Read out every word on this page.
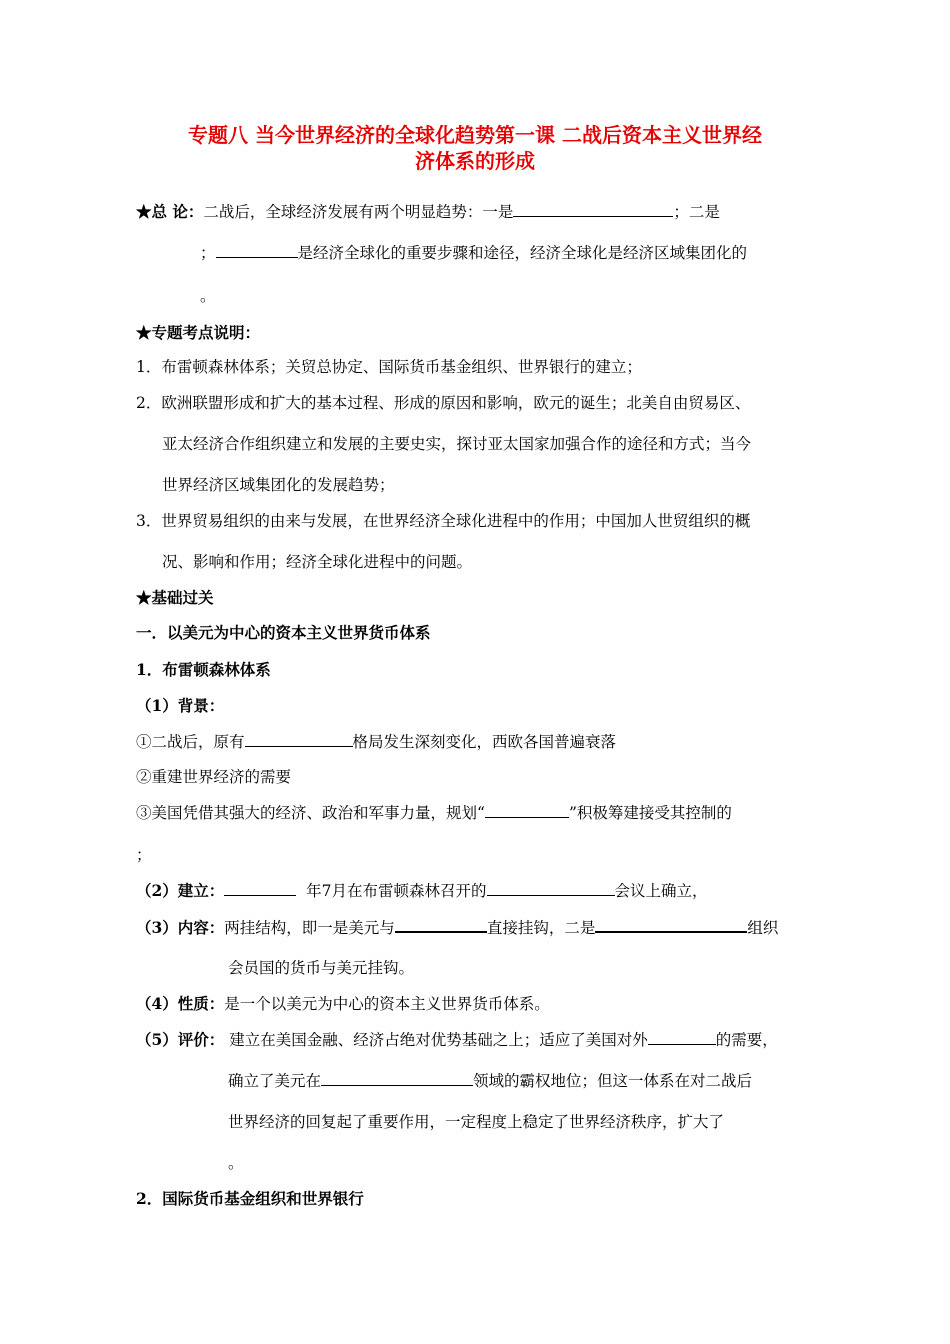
专题八 当今世界经济的全球化趋势第一课 二战后资本主义世界经
济体系的形成
★总 论：二战后，全球经济发展有两个明显趋势：一是	；二是
；	是经济全球化的重要步骤和途径，经济全球化是经济区域集团化的
。
★专题考点说明：
1．布雷顿森林体系；关贸总协定、国际货币基金组织、世界银行的建立；
2．欧洲联盟形成和扩大的基本过程、形成的原因和影响，欧元的诞生；北美自由贸易区、
亚太经济合作组织建立和发展的主要史实，探讨亚太国家加强合作的途径和方式；当今
世界经济区域集团化的发展趋势；
3．世界贸易组织的由来与发展，在世界经济全球化进程中的作用；中国加人世贸组织的概
况、影响和作用；经济全球化进程中的问题。
★基础过关
一．以美元为中心的资本主义世界货币体系
1．布雷顿森林体系
（1）背景：
①二战后，原有	格局发生深刻变化，西欧各国普遍衰落
②重建世界经济的需要
③美国凭借其强大的经济、政治和军事力量，规划“	”积极筹建接受其控制的
；
（2）建立：	年7月在布雷顿森林召开的	会议上确立，
（3）内容：两挂结构，即一是美元与	直接挂钩，二是	组织
会员国的货币与美元挂钩。
（4）性质：是一个以美元为中心的资本主义世界货币体系。
（5）评价： 建立在美国金融、经济占绝对优势基础之上；适应了美国对外	的需要，
确立了美元在	领域的霸权地位；但这一体系在对二战后
世界经济的回复起了重要作用，一定程度上稳定了世界经济秩序，扩大了
。
2．国际货币基金组织和世界银行
